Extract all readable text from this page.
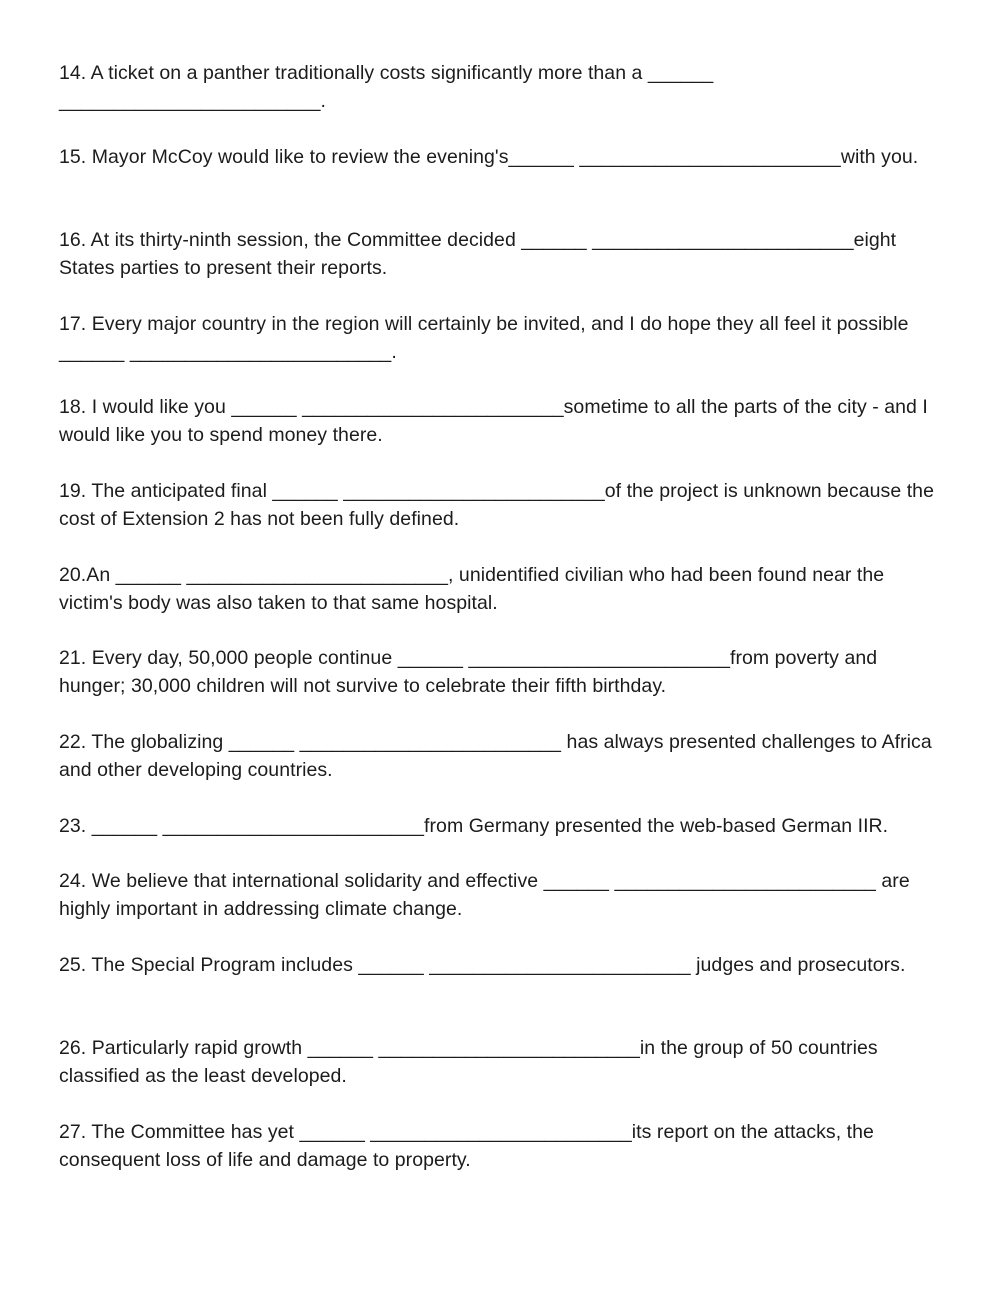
14. A ticket on a panther traditionally costs significantly more than a ______ ________________________.

15. Mayor McCoy would like to review the evening's______ ________________________with you.

16. At its thirty-ninth session, the Committee decided ______ ________________________eight States parties to present their reports.

17. Every major country in the region will certainly be invited, and I do hope they all feel it possible ______ ________________________.

18. I would like you ______ ________________________sometime to all the parts of the city - and I would like you to spend money there.

19. The anticipated final ______ ________________________of the project is unknown because the cost of Extension 2 has not been fully defined.

20.An ______ ________________________, unidentified civilian who had been found near the victim's body was also taken to that same hospital.

21. Every day, 50,000 people continue ______ ________________________from poverty and hunger; 30,000 children will not survive to celebrate their fifth birthday.

22. The globalizing ______ ________________________ has always presented challenges to Africa and other developing countries.

23. ______ ________________________from Germany presented the web-based German IIR.

24. We believe that international solidarity and effective ______ ________________________ are highly important in addressing climate change.

25. The Special Program includes ______ ________________________ judges and prosecutors.

26. Particularly rapid growth ______ ________________________in the group of 50 countries classified as the least developed.

27. The Committee has yet ______ ________________________its report on the attacks, the consequent loss of life and damage to property.
